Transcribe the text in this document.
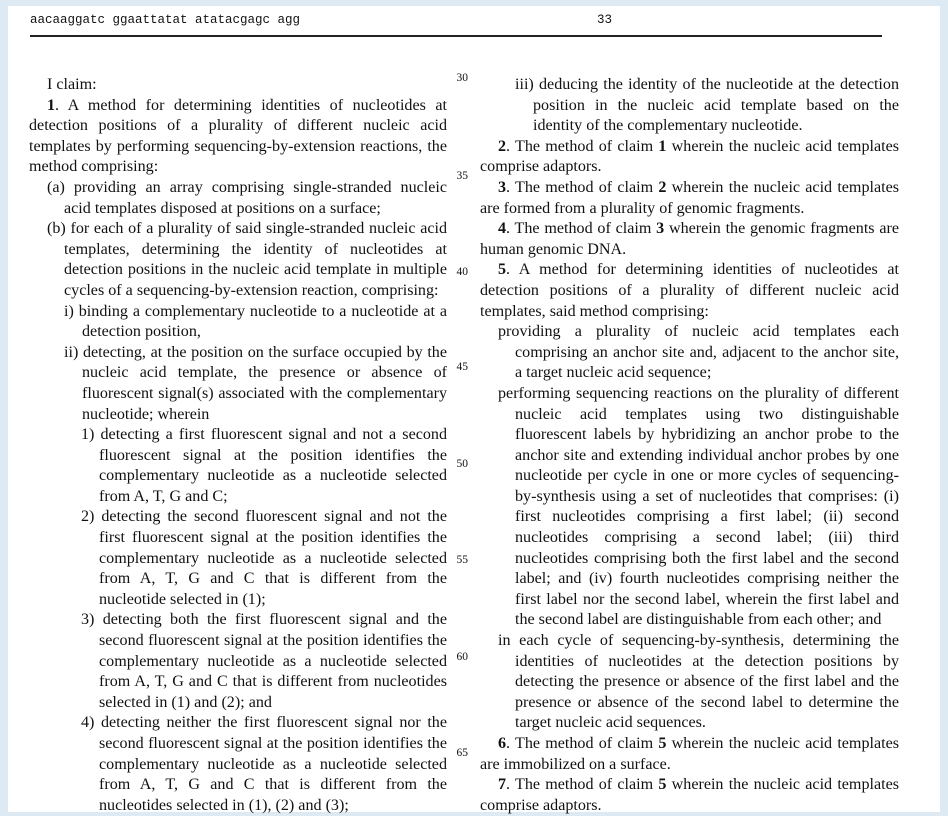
aacaaggatc ggaattatat atatacgagc agg	33
30
35
40
45
50
55
60
65

I claim:

1. A method for determining identities of nucleotides at detection positions of a plurality of different nucleic acid templates by performing sequencing-by-extension reactions, the method comprising:

(a) providing an array comprising single-stranded nucleic acid templates disposed at positions on a surface;

(b) for each of a plurality of said single-stranded nucleic acid templates, determining the identity of nucleotides at detection positions in the nucleic acid template in multiple cycles of a sequencing-by-extension reaction, comprising:

i) binding a complementary nucleotide to a nucleotide at a detection position,

ii) detecting, at the position on the surface occupied by the nucleic acid template, the presence or absence of fluorescent signal(s) associated with the complementary nucleotide; wherein

1) detecting a first fluorescent signal and not a second fluorescent signal at the position identifies the complementary nucleotide as a nucleotide selected from A, T, G and C;

2) detecting the second fluorescent signal and not the first fluorescent signal at the position identifies the complementary nucleotide as a nucleotide selected from A, T, G and C that is different from the nucleotide selected in (1);

3) detecting both the first fluorescent signal and the second fluorescent signal at the position identifies the complementary nucleotide as a nucleotide selected from A, T, G and C that is different from nucleotides selected in (1) and (2); and

4) detecting neither the first fluorescent signal nor the second fluorescent signal at the position identifies the complementary nucleotide as a nucleotide selected from A, T, G and C that is different from the nucleotides selected in (1), (2) and (3);

iii) deducing the identity of the nucleotide at the detection position in the nucleic acid template based on the identity of the complementary nucleotide.

2. The method of claim 1 wherein the nucleic acid templates comprise adaptors.

3. The method of claim 2 wherein the nucleic acid templates are formed from a plurality of genomic fragments.

4. The method of claim 3 wherein the genomic fragments are human genomic DNA.

5. A method for determining identities of nucleotides at detection positions of a plurality of different nucleic acid templates, said method comprising:

providing a plurality of nucleic acid templates each comprising an anchor site and, adjacent to the anchor site, a target nucleic acid sequence;

performing sequencing reactions on the plurality of different nucleic acid templates using two distinguishable fluorescent labels by hybridizing an anchor probe to the anchor site and extending individual anchor probes by one nucleotide per cycle in one or more cycles of sequencing-by-synthesis using a set of nucleotides that comprises: (i) first nucleotides comprising a first label; (ii) second nucleotides comprising a second label; (iii) third nucleotides comprising both the first label and the second label; and (iv) fourth nucleotides comprising neither the first label nor the second label, wherein the first label and the second label are distinguishable from each other; and

in each cycle of sequencing-by-synthesis, determining the identities of nucleotides at the detection positions by detecting the presence or absence of the first label and the presence or absence of the second label to determine the target nucleic acid sequences.

6. The method of claim 5 wherein the nucleic acid templates are immobilized on a surface.

7. The method of claim 5 wherein the nucleic acid templates comprise adaptors.
